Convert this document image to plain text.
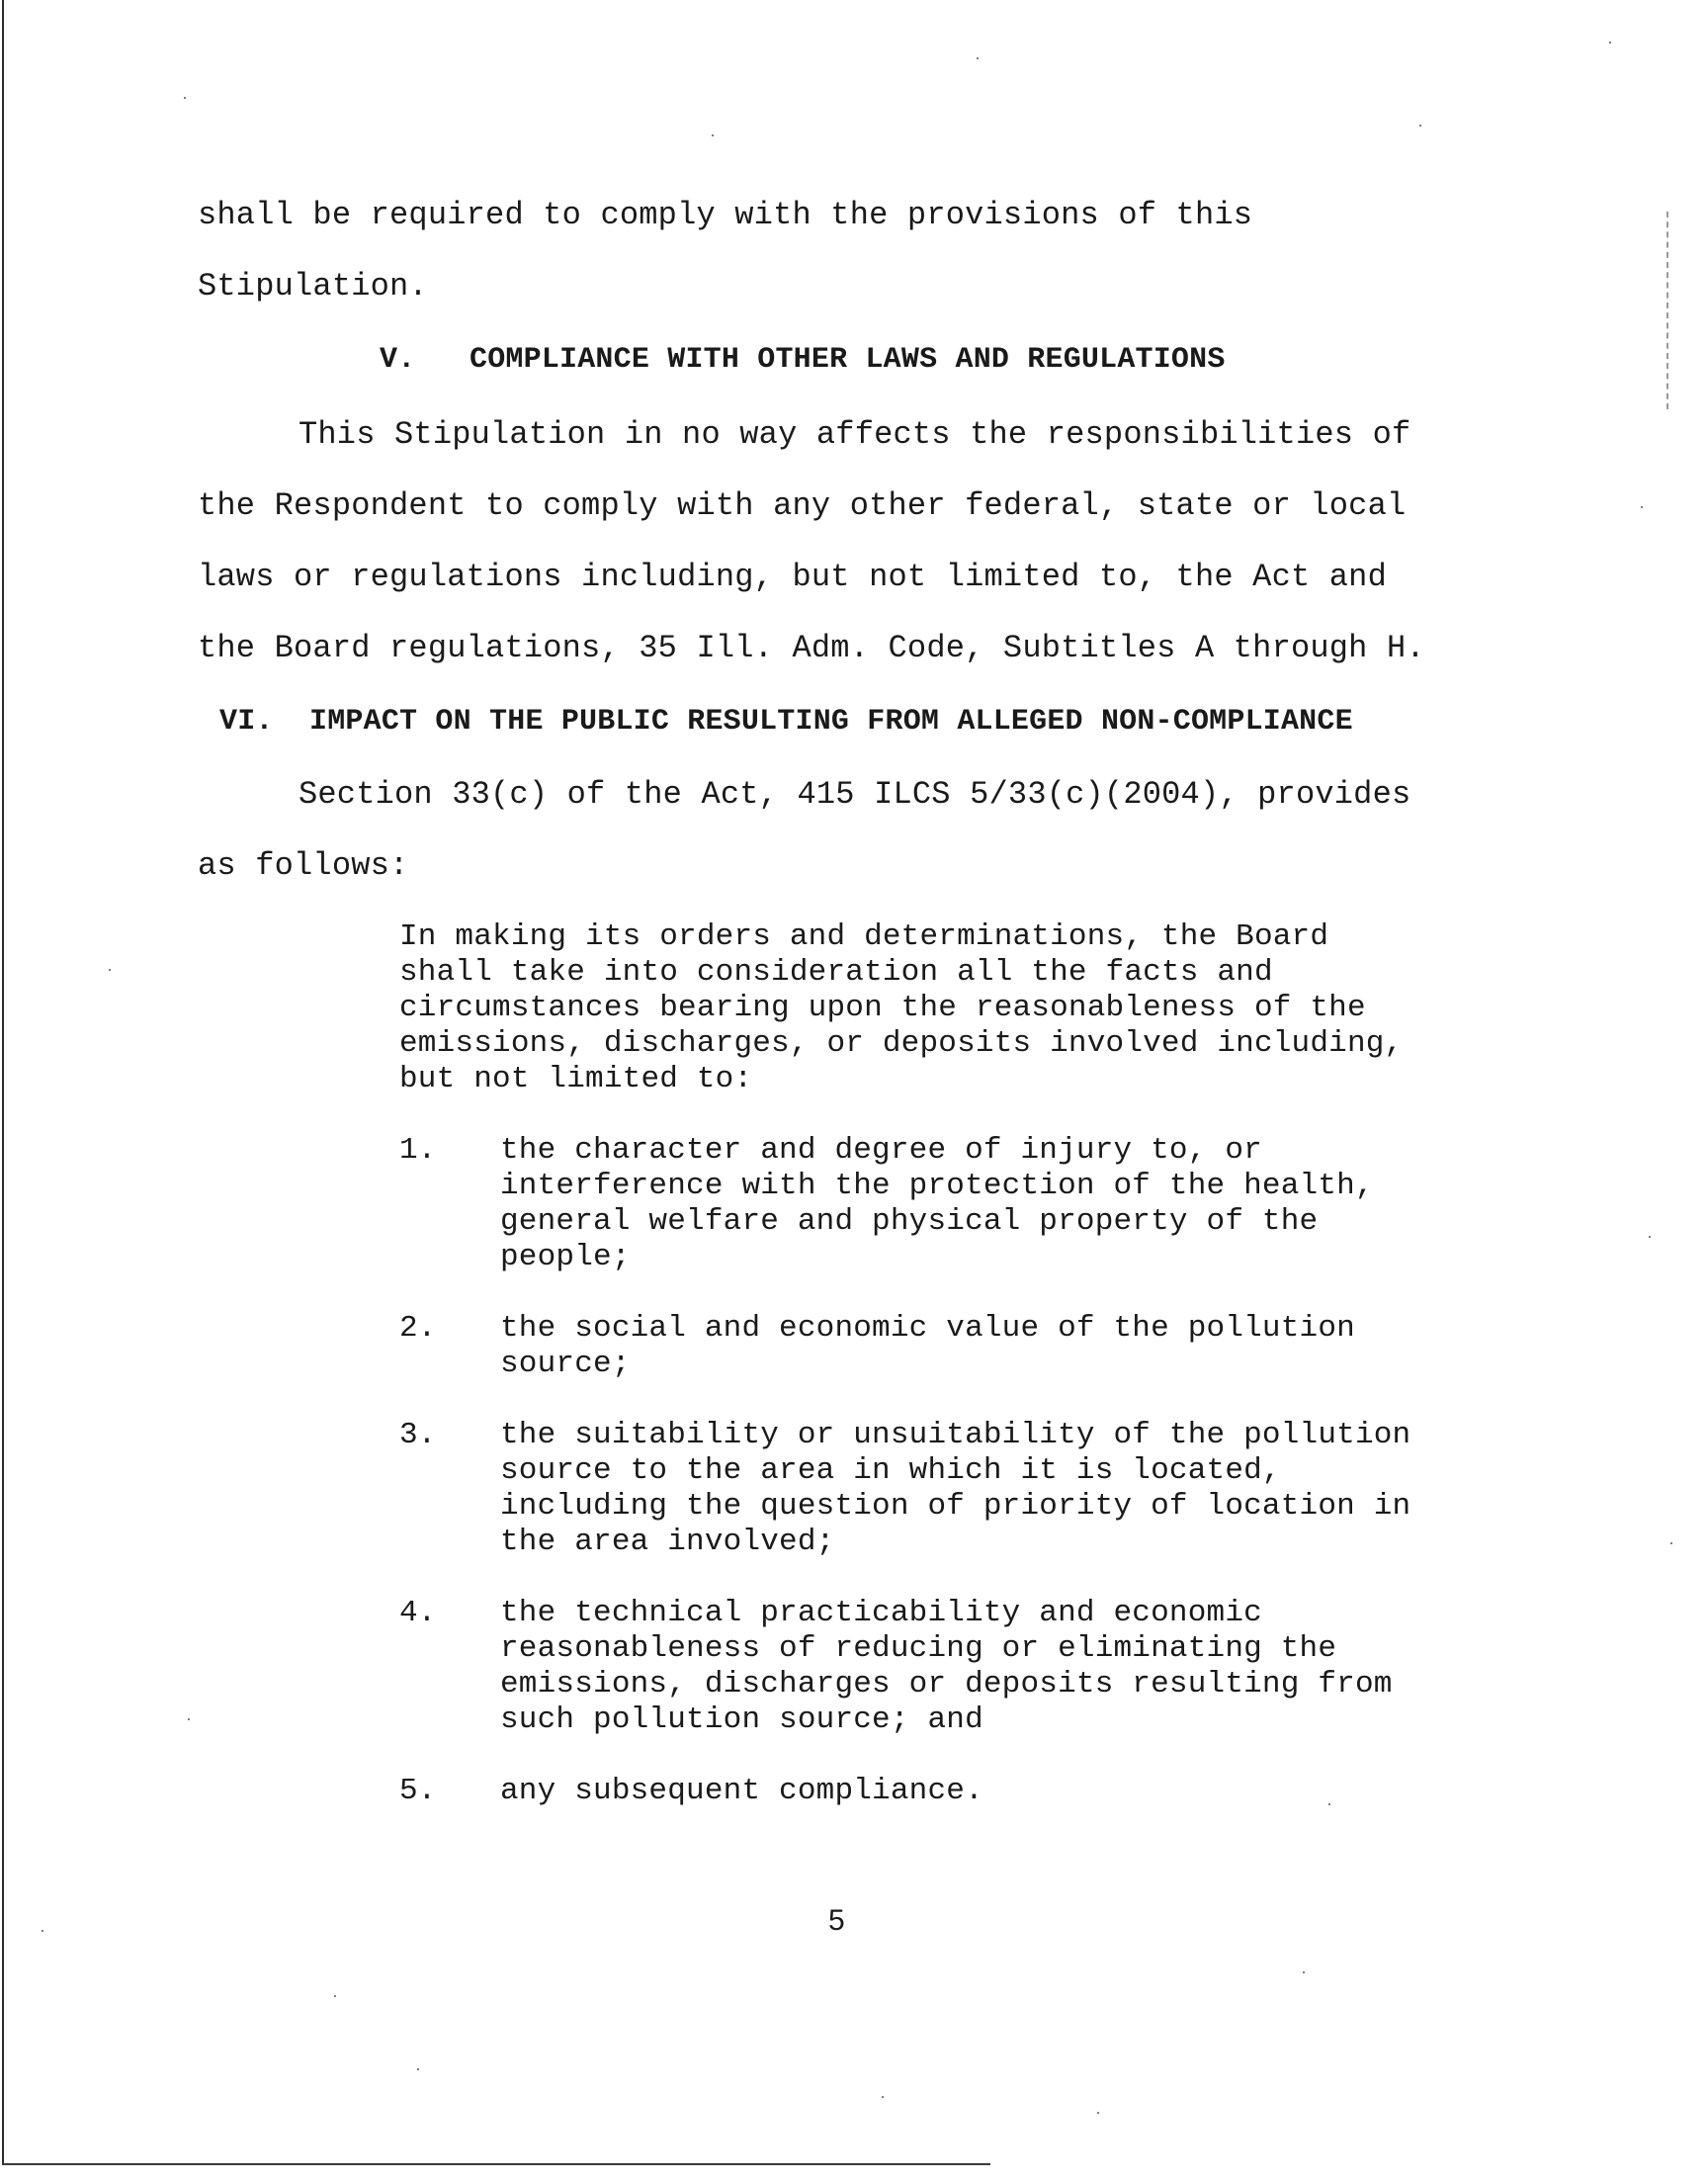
shall be required to comply with the provisions of this
Stipulation.
V.   COMPLIANCE WITH OTHER LAWS AND REGULATIONS
This Stipulation in no way affects the responsibilities of
the Respondent to comply with any other federal, state or local
laws or regulations including, but not limited to, the Act and
the Board regulations, 35 Ill. Adm. Code, Subtitles A through H.
VI.  IMPACT ON THE PUBLIC RESULTING FROM ALLEGED NON-COMPLIANCE
Section 33(c) of the Act, 415 ILCS 5/33(c)(2004), provides
as follows:
In making its orders and determinations, the Board
shall take into consideration all the facts and
circumstances bearing upon the reasonableness of the
emissions, discharges, or deposits involved including,
but not limited to:
1. the character and degree of injury to, or
interference with the protection of the health,
general welfare and physical property of the
people;
2. the social and economic value of the pollution
source;
3. the suitability or unsuitability of the pollution
source to the area in which it is located,
including the question of priority of location in
the area involved;
4. the technical practicability and economic
reasonableness of reducing or eliminating the
emissions, discharges or deposits resulting from
such pollution source; and
5. any subsequent compliance.
5
